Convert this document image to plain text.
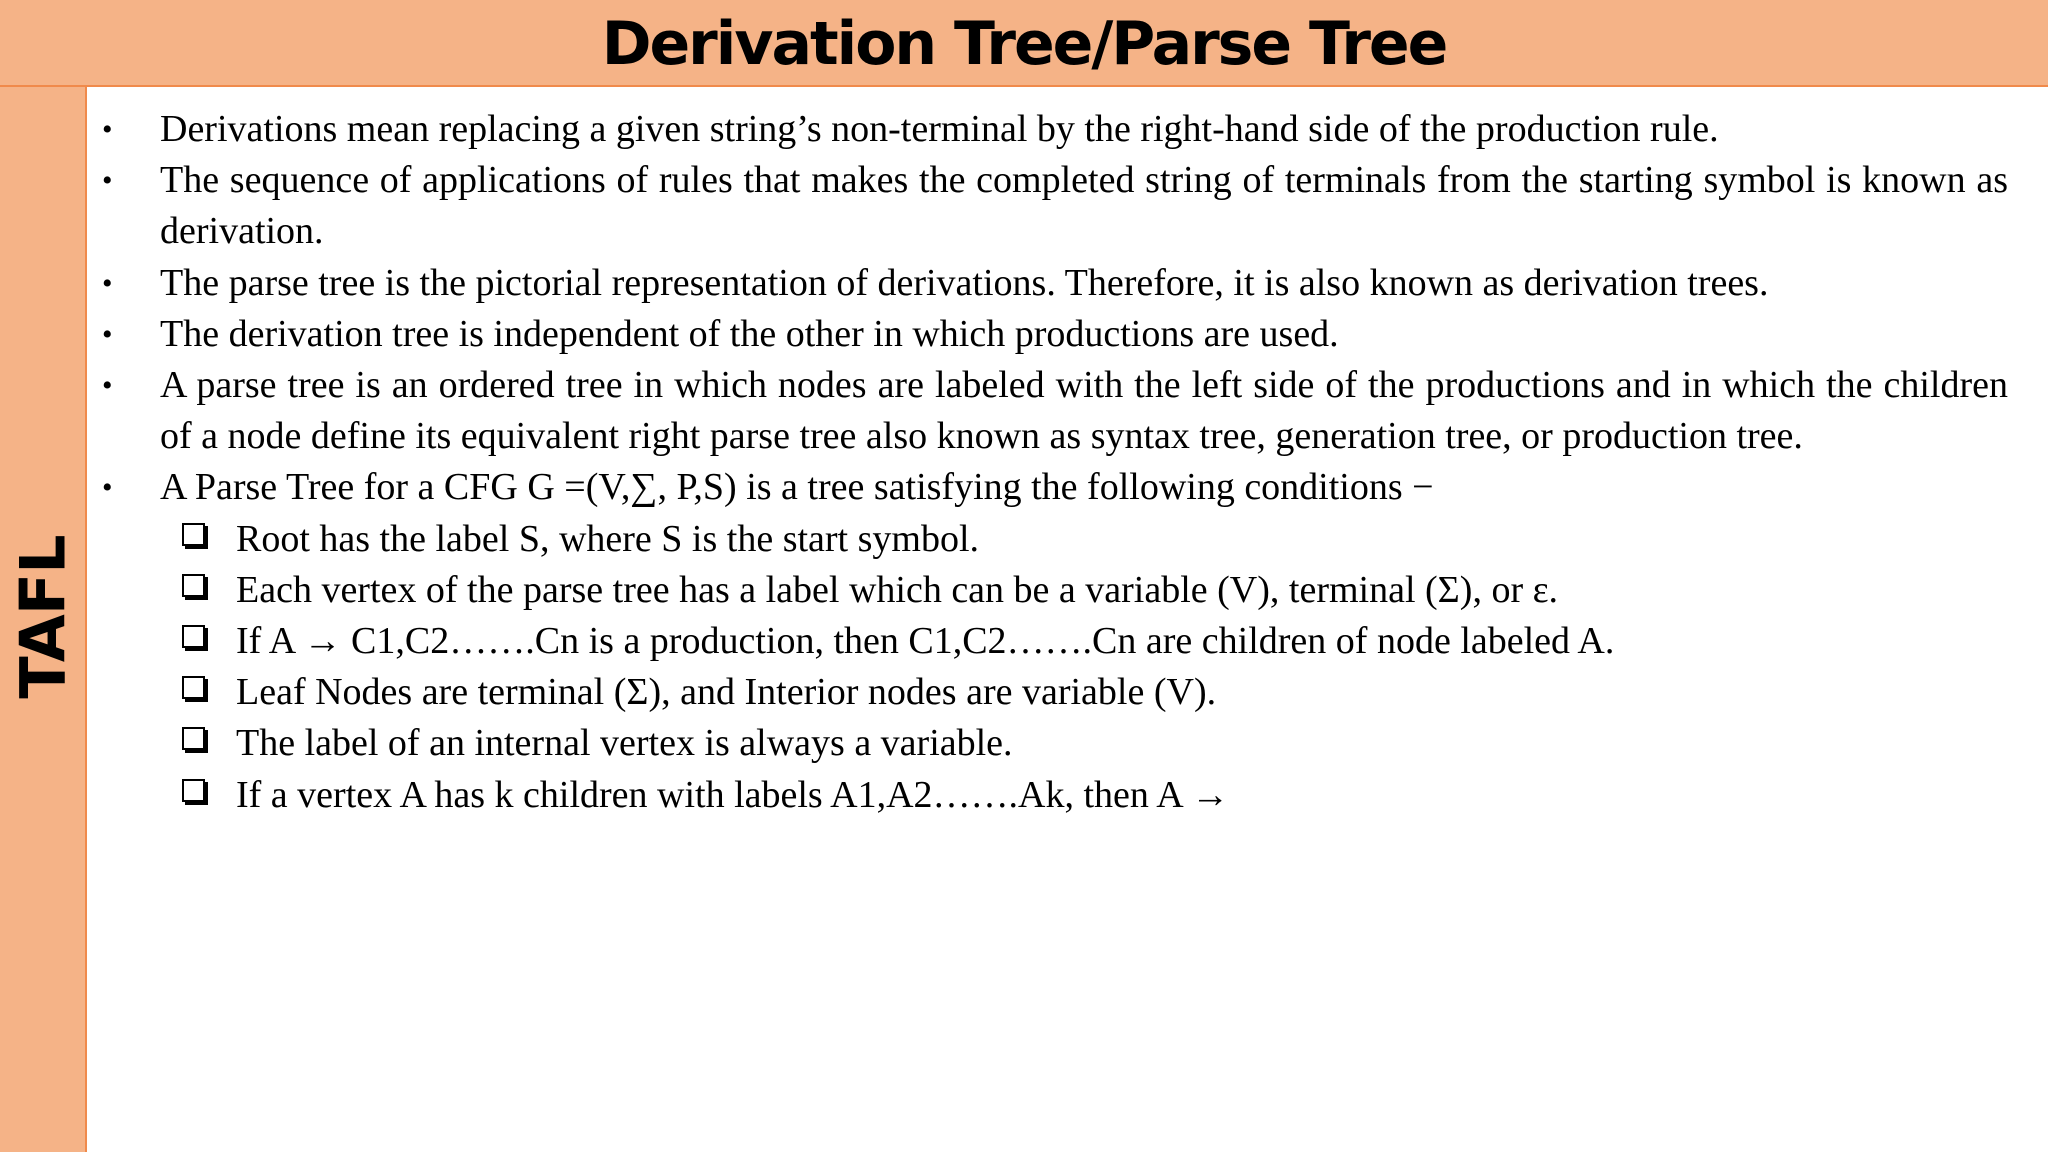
Derivation Tree/Parse Tree
TAFL
• Derivations mean replacing a given string’s non-terminal by the right-hand side of the production rule.
• The sequence of applications of rules that makes the completed string of terminals from the starting symbol is known as derivation.
• The parse tree is the pictorial representation of derivations. Therefore, it is also known as derivation trees.
• The derivation tree is independent of the other in which productions are used.
• A parse tree is an ordered tree in which nodes are labeled with the left side of the productions and in which the children of a node define its equivalent right parse tree also known as syntax tree, generation tree, or production tree.
• A Parse Tree for a CFG G =(V,∑, P,S) is a tree satisfying the following conditions −
Root has the label S, where S is the start symbol.
Each vertex of the parse tree has a label which can be a variable (V), terminal (Σ), or ε.
If A → C1,C2…….Cn is a production, then C1,C2…….Cn are children of node labeled A.
Leaf Nodes are terminal (Σ), and Interior nodes are variable (V).
The label of an internal vertex is always a variable.
If a vertex A has k children with labels A1,A2…….Ak, then A →
